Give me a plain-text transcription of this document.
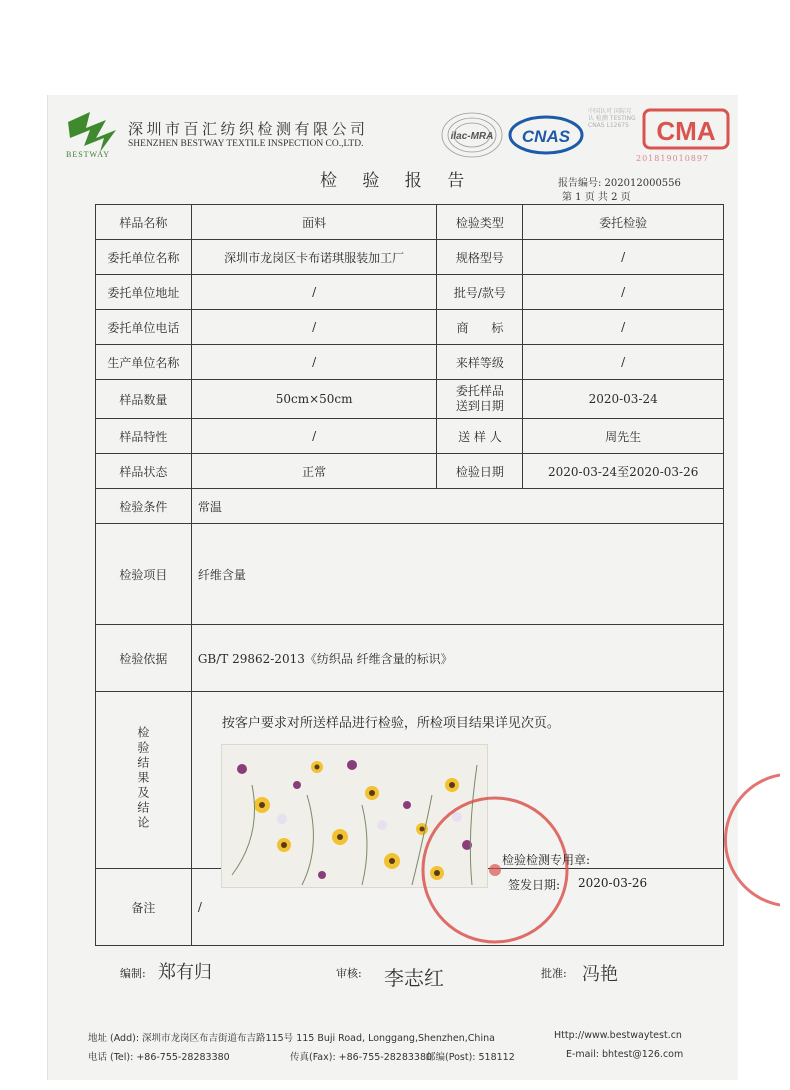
BESTWAY
深圳市百汇纺织检测有限公司
SHENZHEN BESTWAY TEXTILE INSPECTION CO.,LTD.
ilac-MRA CNAS
中国认可 国际互认 检测 TESTING CNAS L12675 CMA
201819010897
检 验 报 告	报告编号: 202012000556
第 1 页 共 2 页
样品名称	面料	检验类型	委托检验
委托单位名称	深圳市龙岗区卡布诺琪服装加工厂	规格型号	/
委托单位地址	/	批号/款号	/
委托单位电话	/	商      标	/
生产单位名称	/	来样等级	/
样品数量	50cm×50cm	委托样品送到日期	2020-03-24
样品特性	/	送 样 人	周先生
样品状态	正常	检验日期	2020-03-24至2020-03-26
检验条件	常温		
检验项目	纤维含量		
检验依据	GB/T 29862-2013《纺织品 纤维含量的标识》		
检验结果及结论	按客户要求对所送样品进行检验，所检项目结果详见次页。		

备注	/		
检验检测专用章:
签发日期: 2020-03-26
编制: 郑有归	审核: 李志红	批准: 冯艳
地址 (Add): 深圳市龙岗区布吉街道布吉路115号 115 Buji Road, Longgang,Shenzhen,China	Http://www.bestwaytest.cn
电话 (Tel): +86-755-28283380	传真(Fax): +86-755-28283380
邮编(Post): 518112	E-mail: bhtest@126.com
